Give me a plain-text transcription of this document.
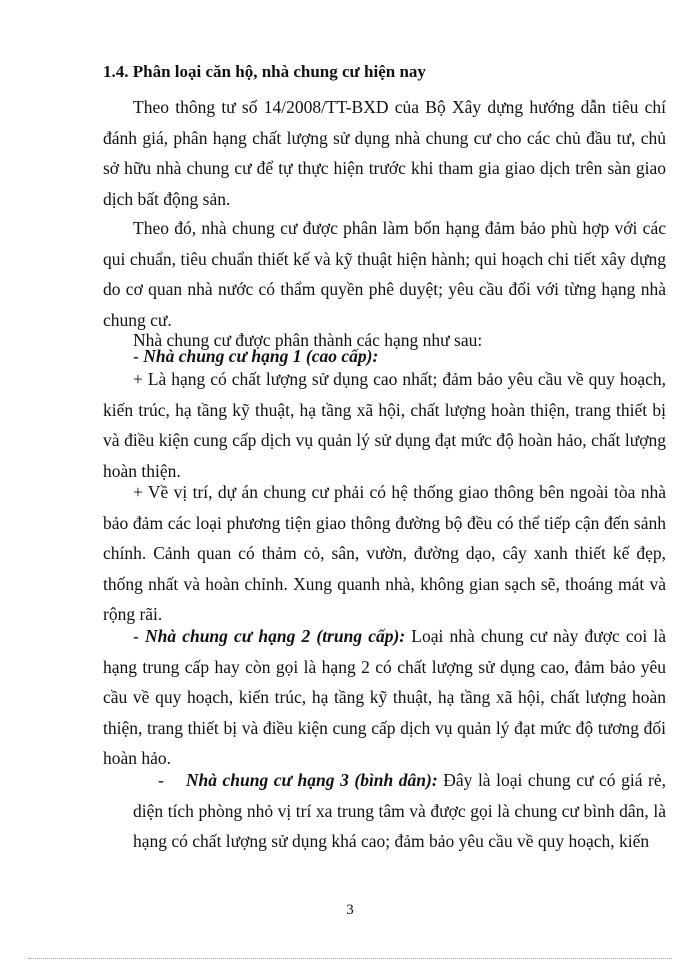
1.4. Phân loại căn hộ, nhà chung cư hiện nay
Theo thông tư số 14/2008/TT-BXD của Bộ Xây dựng hướng dẫn tiêu chí đánh giá, phân hạng chất lượng sử dụng nhà chung cư cho các chủ đầu tư, chủ sở hữu nhà chung cư để tự thực hiện trước khi tham gia giao dịch trên sàn giao dịch bất động sản.
Theo đó, nhà chung cư được phân làm bốn hạng đảm bảo phù hợp với các qui chuẩn, tiêu chuẩn thiết kế và kỹ thuật hiện hành; qui hoạch chi tiết xây dựng do cơ quan nhà nước có thẩm quyền phê duyệt; yêu cầu đối với từng hạng nhà chung cư.
Nhà chung cư được phân thành các hạng như sau:
- Nhà chung cư hạng 1 (cao cấp):
+ Là hạng có chất lượng sử dụng cao nhất; đảm bảo yêu cầu về quy hoạch, kiến trúc, hạ tầng kỹ thuật, hạ tầng xã hội, chất lượng hoàn thiện, trang thiết bị và điều kiện cung cấp dịch vụ quản lý sử dụng đạt mức độ hoàn hảo, chất lượng hoàn thiện.
+ Về vị trí, dự án chung cư phải có hệ thống giao thông bên ngoài tòa nhà bảo đảm các loại phương tiện giao thông đường bộ đều có thể tiếp cận đến sảnh chính. Cảnh quan có thảm cỏ, sân, vườn, đường dạo, cây xanh thiết kế đẹp, thống nhất và hoàn chỉnh. Xung quanh nhà, không gian sạch sẽ, thoáng mát và rộng rãi.
- Nhà chung cư hạng 2 (trung cấp): Loại nhà chung cư này được coi là hạng trung cấp hay còn gọi là hạng 2 có chất lượng sử dụng cao, đảm bảo yêu cầu về quy hoạch, kiến trúc, hạ tầng kỹ thuật, hạ tầng xã hội, chất lượng hoàn thiện, trang thiết bị và điều kiện cung cấp dịch vụ quản lý đạt mức độ tương đối hoàn hảo.
- Nhà chung cư hạng 3 (bình dân): Đây là loại chung cư có giá rẻ, diện tích phòng nhỏ vị trí xa trung tâm và được gọi là chung cư bình dân, là hạng có chất lượng sử dụng khá cao; đảm bảo yêu cầu về quy hoạch, kiến
3
